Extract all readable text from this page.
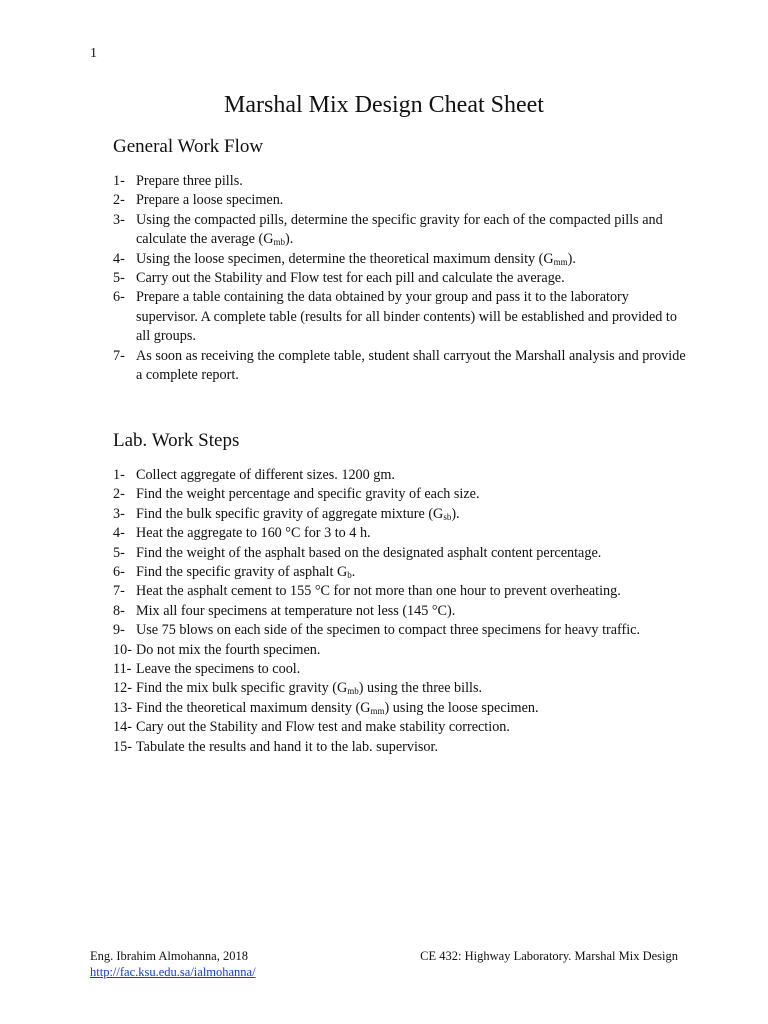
1
Marshal Mix Design Cheat Sheet
General Work Flow
1- Prepare three pills.
2- Prepare a loose specimen.
3- Using the compacted pills, determine the specific gravity for each of the compacted pills and calculate the average $(G_{mb})$.
4- Using the loose specimen, determine the theoretical maximum density $(G_{mm})$.
5- Carry out the Stability and Flow test for each pill and calculate the average.
6- Prepare a table containing the data obtained by your group and pass it to the laboratory supervisor. A complete table (results for all binder contents) will be established and provided to all groups.
7- As soon as receiving the complete table, student shall carryout the Marshall analysis and provide a complete report.
Lab. Work Steps
1- Collect aggregate of different sizes. 1200 gm.
2- Find the weight percentage and specific gravity of each size.
3- Find the bulk specific gravity of aggregate mixture $(G_{sb})$.
4- Heat the aggregate to 160 °C for 3 to 4 h.
5- Find the weight of the asphalt based on the designated asphalt content percentage.
6- Find the specific gravity of asphalt $G_b$.
7- Heat the asphalt cement to 155 °C for not more than one hour to prevent overheating.
8- Mix all four specimens at temperature not less (145 °C).
9- Use 75 blows on each side of the specimen to compact three specimens for heavy traffic.
10- Do not mix the fourth specimen.
11- Leave the specimens to cool.
12- Find the mix bulk specific gravity $(G_{mb})$ using the three bills.
13- Find the theoretical maximum density $(G_{mm})$ using the loose specimen.
14- Cary out the Stability and Flow test and make stability correction.
15- Tabulate the results and hand it to the lab. supervisor.
Eng. Ibrahim Almohanna, 2018
http://fac.ksu.edu.sa/ialmohanna/
CE 432: Highway Laboratory. Marshal Mix Design
